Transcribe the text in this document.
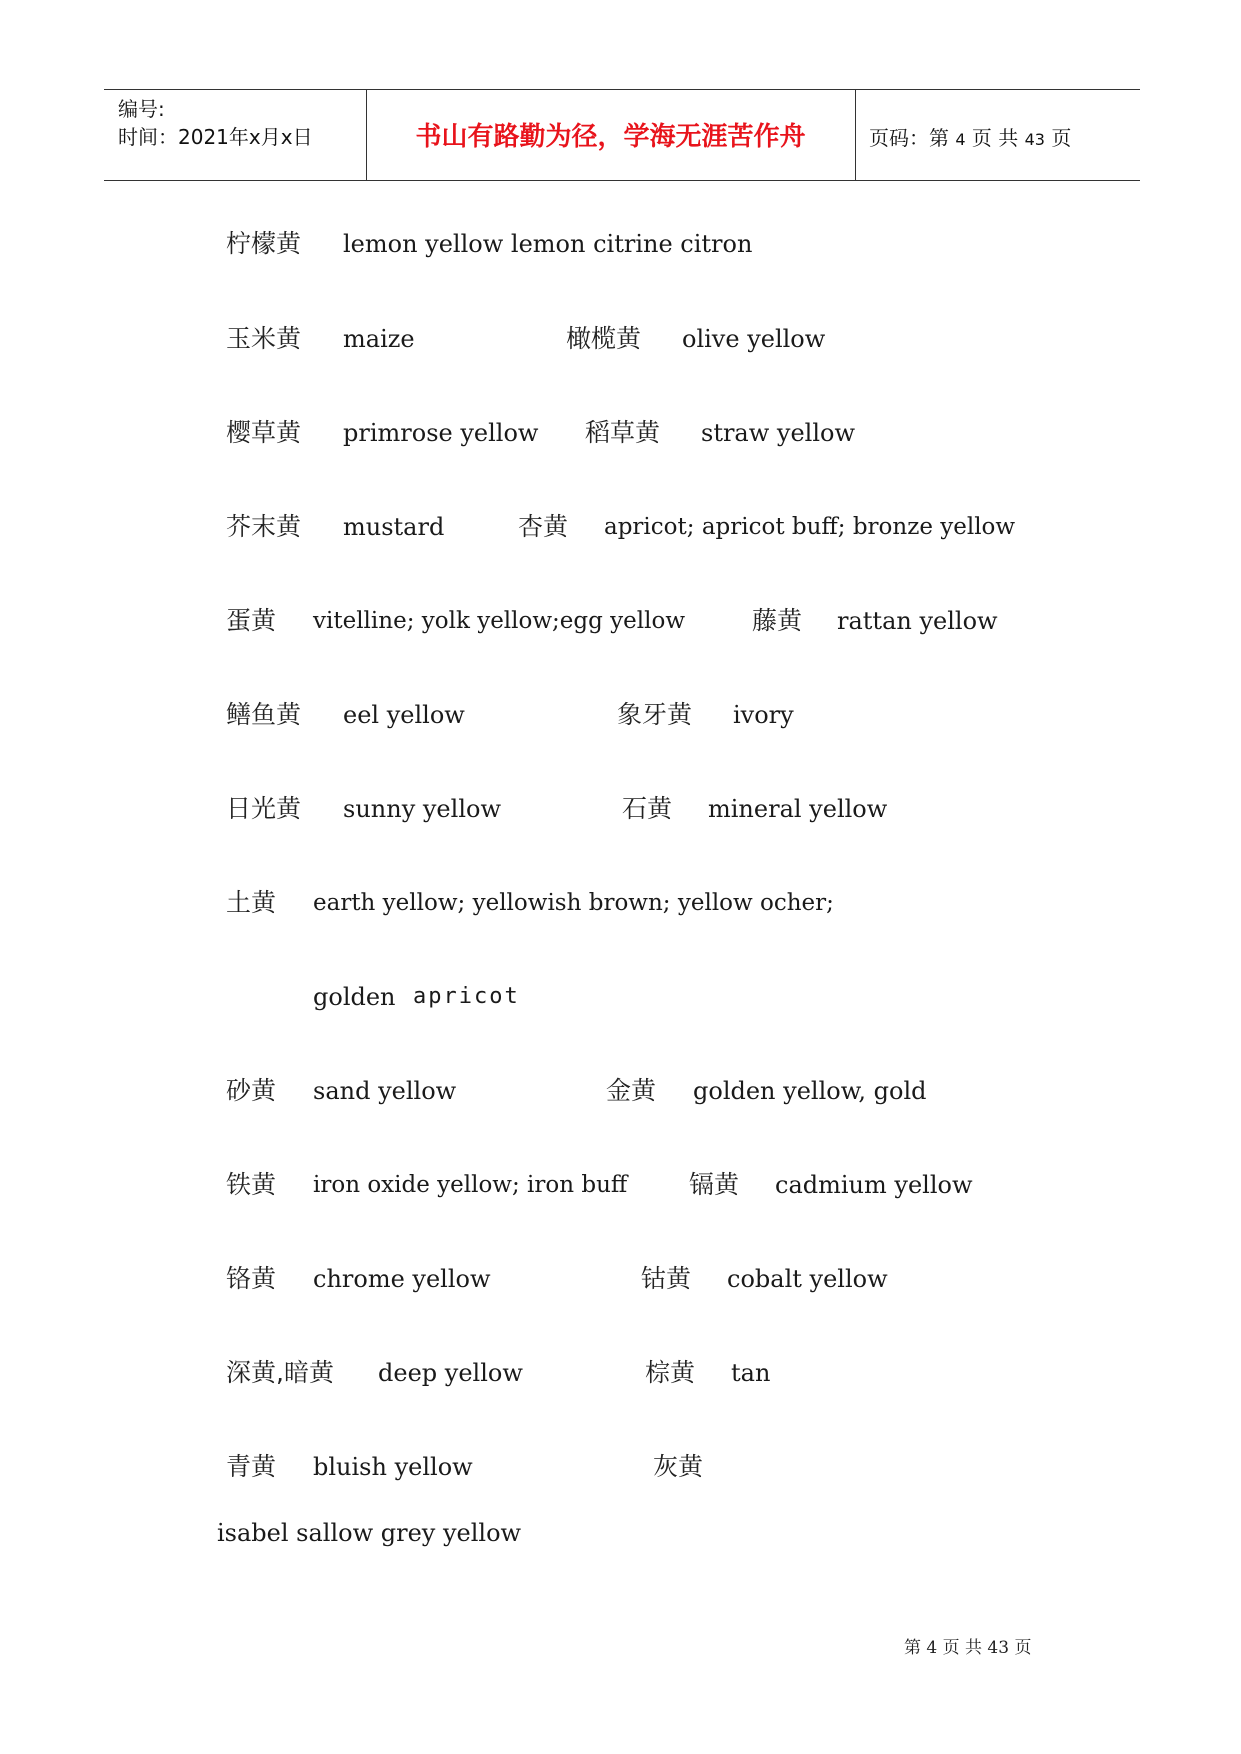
编号:
时间：2021年x月x日	书山有路勤为径，学海无涯苦作舟	页码：第 4 页 共 43 页
柠檬黄 lemon yellow lemon citrine citron
玉米黄 maize	橄榄黄 olive yellow
樱草黄 primrose yellow 稻草黄 straw yellow
芥末黄 mustard	杏黄 apricot; apricot buff; bronze yellow
蛋黄 vitelline; yolk yellow;egg yellow	藤黄 rattan yellow
鳝鱼黄 eel yellow	象牙黄 ivory
日光黄 sunny yellow	石黄 mineral yellow
土黄 earth yellow; yellowish brown; yellow ocher;
golden apricot
砂黄 sand yellow	金黄 golden yellow, gold
铁黄 iron oxide yellow; iron buff 镉黄 cadmium yellow
铬黄 chrome yellow	钴黄 cobalt yellow
深黄,暗黄 deep yellow	棕黄 tan
青黄 bluish yellow	灰黄
isabel sallow grey yellow
第 4 页 共 43 页
